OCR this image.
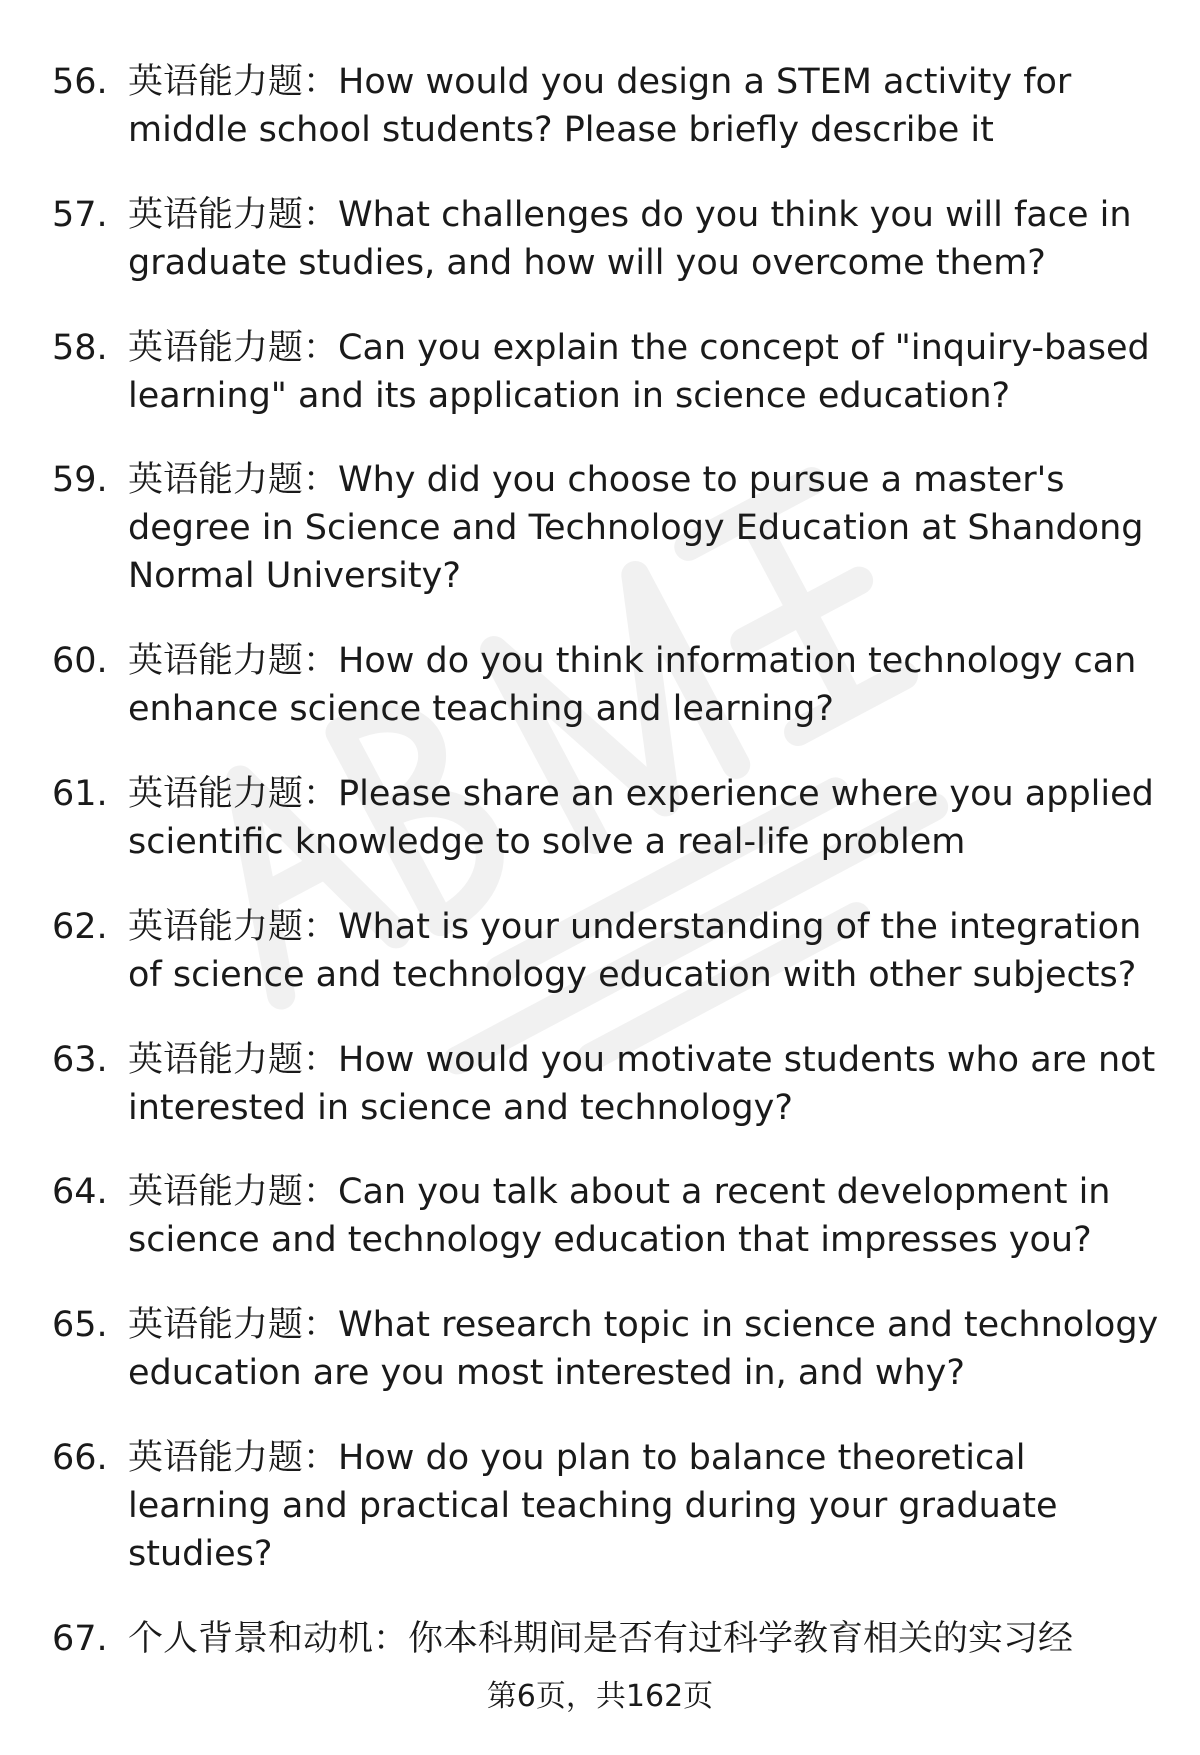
56. 英语能力题：How would you design a STEM activity for middle school students? Please briefly describe it
57. 英语能力题：What challenges do you think you will face in graduate studies, and how will you overcome them?
58. 英语能力题：Can you explain the concept of "inquiry-based learning" and its application in science education?
59. 英语能力题：Why did you choose to pursue a master's degree in Science and Technology Education at Shandong Normal University?
60. 英语能力题：How do you think information technology can enhance science teaching and learning?
61. 英语能力题：Please share an experience where you applied scientific knowledge to solve a real-life problem
62. 英语能力题：What is your understanding of the integration of science and technology education with other subjects?
63. 英语能力题：How would you motivate students who are not interested in science and technology?
64. 英语能力题：Can you talk about a recent development in science and technology education that impresses you?
65. 英语能力题：What research topic in science and technology education are you most interested in, and why?
66. 英语能力题：How do you plan to balance theoretical learning and practical teaching during your graduate studies?
67. 个人背景和动机：你本科期间是否有过科学教育相关的实习经
第6页，共162页
